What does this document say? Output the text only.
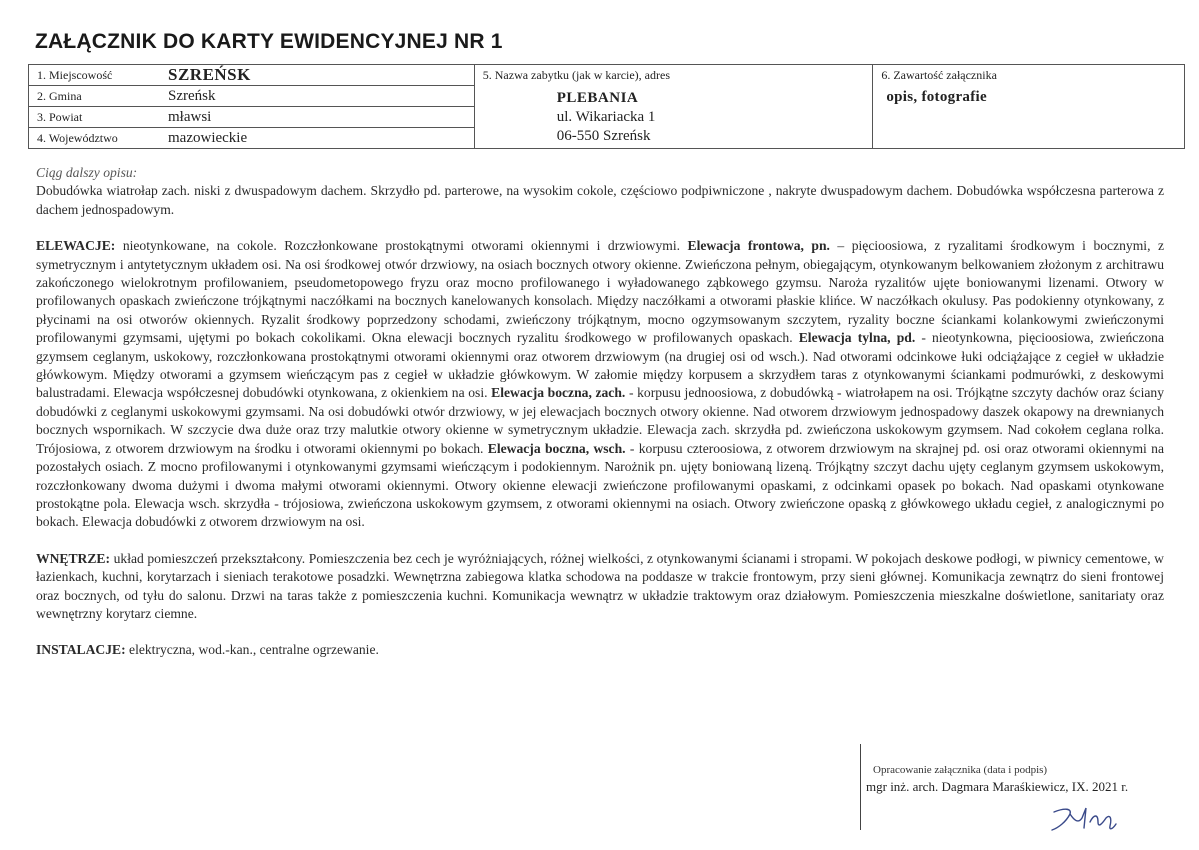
ZAŁĄCZNIK DO KARTY EWIDENCYJNEJ NR 1
1. Miejscowość	SZREŃSK
2. Gmina	Szreńsk
3. Powiat	mławsi
4. Województwo	mazowieckie

5. Nazwa zabytku (jak w karcie), adres
PLEBANIA
ul. Wikariacka 1
06-550 Szreńsk

6. Zawartość załącznika
opis, fotografie

Ciąg dalszy opisu:

Dobudówka wiatrołap zach. niski z dwuspadowym dachem. Skrzydło pd. parterowe, na wysokim cokole, częściowo podpiwniczone , nakryte dwuspadowym dachem. Dobudówka współczesna parterowa z dachem jednospadowym.

ELEWACJE: nieotynkowane, na cokole. Rozczłonkowane prostokątnymi otworami okiennymi i drzwiowymi. Elewacja frontowa, pn. – pięcioosiowa, z ryzalitami środkowym i bocznymi, z symetrycznym i antytetycznym układem osi. Na osi środkowej otwór drzwiowy, na osiach bocznych otwory okienne. Zwieńczona pełnym, obiegającym, otynkowanym belkowaniem złożonym z architrawu zakończonego wielokrotnym profilowaniem, pseudometopowego fryzu oraz mocno profilowanego i wyładowanego ząbkowego gzymsu. Naroża ryzalitów ujęte boniowanymi lizenami. Otwory w profilowanych opaskach zwieńczone trójkątnymi naczółkami na bocznych kanelowanych konsolach. Między naczółkami a otworami płaskie klińce. W naczółkach okulusy. Pas podokienny otynkowany, z płycinami na osi otworów okiennych. Ryzalit środkowy poprzedzony schodami, zwieńczony trójkątnym, mocno ogzymsowanym szczytem, ryzality boczne ściankami kolankowymi zwieńczonymi profilowanymi gzymsami, ujętymi po bokach cokolikami. Okna elewacji bocznych ryzalitu środkowego w profilowanych opaskach. Elewacja tylna, pd. - nieotynkowna, pięcioosiowa, zwieńczona gzymsem ceglanym, uskokowy, rozczłonkowana prostokątnymi otworami okiennymi oraz otworem drzwiowym (na drugiej osi od wsch.). Nad otworami odcinkowe łuki odciążające z cegieł w układzie główkowym. Między otworami a gzymsem wieńczącym pas z cegieł w układzie główkowym. W załomie między korpusem a skrzydłem taras z otynkowanymi ściankami podmurówki, z deskowymi balustradami. Elewacja współczesnej dobudówki otynkowana, z okienkiem na osi. Elewacja boczna, zach. - korpusu jednoosiowa, z dobudówką - wiatrołapem na osi. Trójkątne szczyty dachów oraz ściany dobudówki z ceglanymi uskokowymi gzymsami. Na osi dobudówki otwór drzwiowy, w jej elewacjach bocznych otwory okienne. Nad otworem drzwiowym jednospadowy daszek okapowy na drewnianych bocznych wspornikach. W szczycie dwa duże oraz trzy malutkie otwory okienne w symetrycznym układzie. Elewacja zach. skrzydła pd. zwieńczona uskokowym gzymsem. Nad cokołem ceglana rolka. Trójosiowa, z otworem drzwiowym na środku i otworami okiennymi po bokach. Elewacja boczna, wsch. - korpusu czteroosiowa, z otworem drzwiowym na skrajnej pd. osi oraz otworami okiennymi na pozostałych osiach. Z mocno profilowanymi i otynkowanymi gzymsami wieńczącym i podokiennym. Narożnik pn. ujęty boniowaną lizeną. Trójkątny szczyt dachu ujęty ceglanym gzymsem uskokowym, rozczłonkowany dwoma dużymi i dwoma małymi otworami okiennymi. Otwory okienne elewacji zwieńczone profilowanymi opaskami, z odcinkami opasek po bokach. Nad opaskami otynkowane prostokątne pola. Elewacja wsch. skrzydła - trójosiowa, zwieńczona uskokowym gzymsem, z otworami okiennymi na osiach. Otwory zwieńczone opaską z główkowego układu cegieł, z analogicznymi po bokach. Elewacja dobudówki z otworem drzwiowym na osi.

WNĘTRZE: układ pomieszczeń przekształcony. Pomieszczenia bez cech je wyróżniających, różnej wielkości, z otynkowanymi ścianami i stropami. W pokojach deskowe podłogi, w piwnicy cementowe, w łazienkach, kuchni, korytarzach i sieniach terakotowe posadzki. Wewnętrzna zabiegowa klatka schodowa na poddasze w trakcie frontowym, przy sieni głównej. Komunikacja zewnątrz do sieni frontowej oraz bocznych, od tyłu do salonu. Drzwi na taras także z pomieszczenia kuchni. Komunikacja wewnątrz w układzie traktowym oraz działowym. Pomieszczenia mieszkalne doświetlone, sanitariaty oraz wewnętrzny korytarz ciemne.

INSTALACJE: elektryczna, wod.-kan., centralne ogrzewanie.

Opracowanie załącznika (data i podpis)
mgr inż. arch. Dagmara Maraśkiewicz, IX. 2021 r.
